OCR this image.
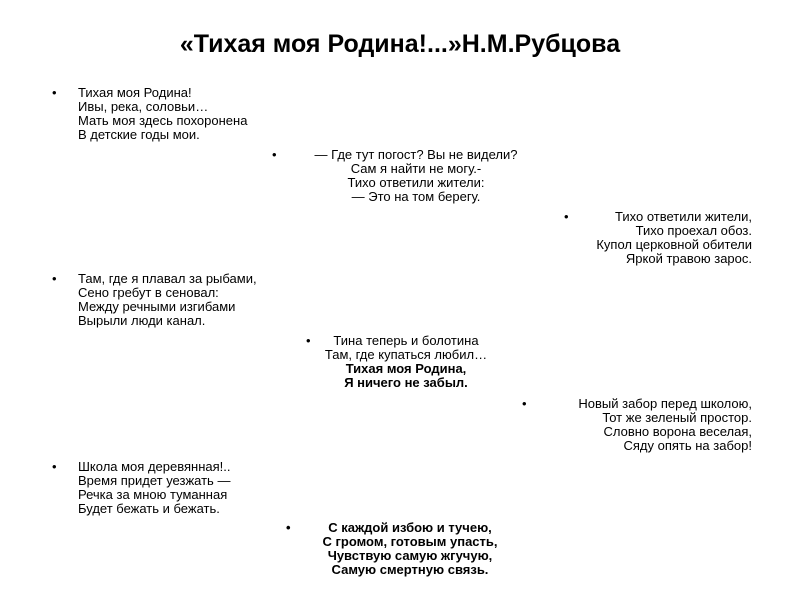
«Тихая моя Родина!...»Н.М.Рубцова
• Тихая моя Родина!
Ивы, река, соловьи…
Мать моя здесь похоронена
В детские годы мои.
•	— Где тут погост? Вы не видели?
Сам я найти не могу.-
Тихо ответили жители:
— Это на том берегу.
•	Тихо ответили жители,
Тихо проехал обоз.
Купол церковной обители
Яркой травою зарос.
• Там, где я плавал за рыбами,
Сено гребут в сеновал:
Между речными изгибами
Вырыли люди канал.
•	Тина теперь и болотина
Там, где купаться любил…
Тихая моя Родина,
Я ничего не забыл.
•	Новый забор перед школою,
Тот же зеленый простор.
Словно ворона веселая,
Сяду опять на забор!
• Школа моя деревянная!..
Время придет уезжать —
Речка за мною туманная
Будет бежать и бежать.
•	С каждой избою и тучею,
С громом, готовым упасть,
Чувствую самую жгучую,
Самую смертную связь.
